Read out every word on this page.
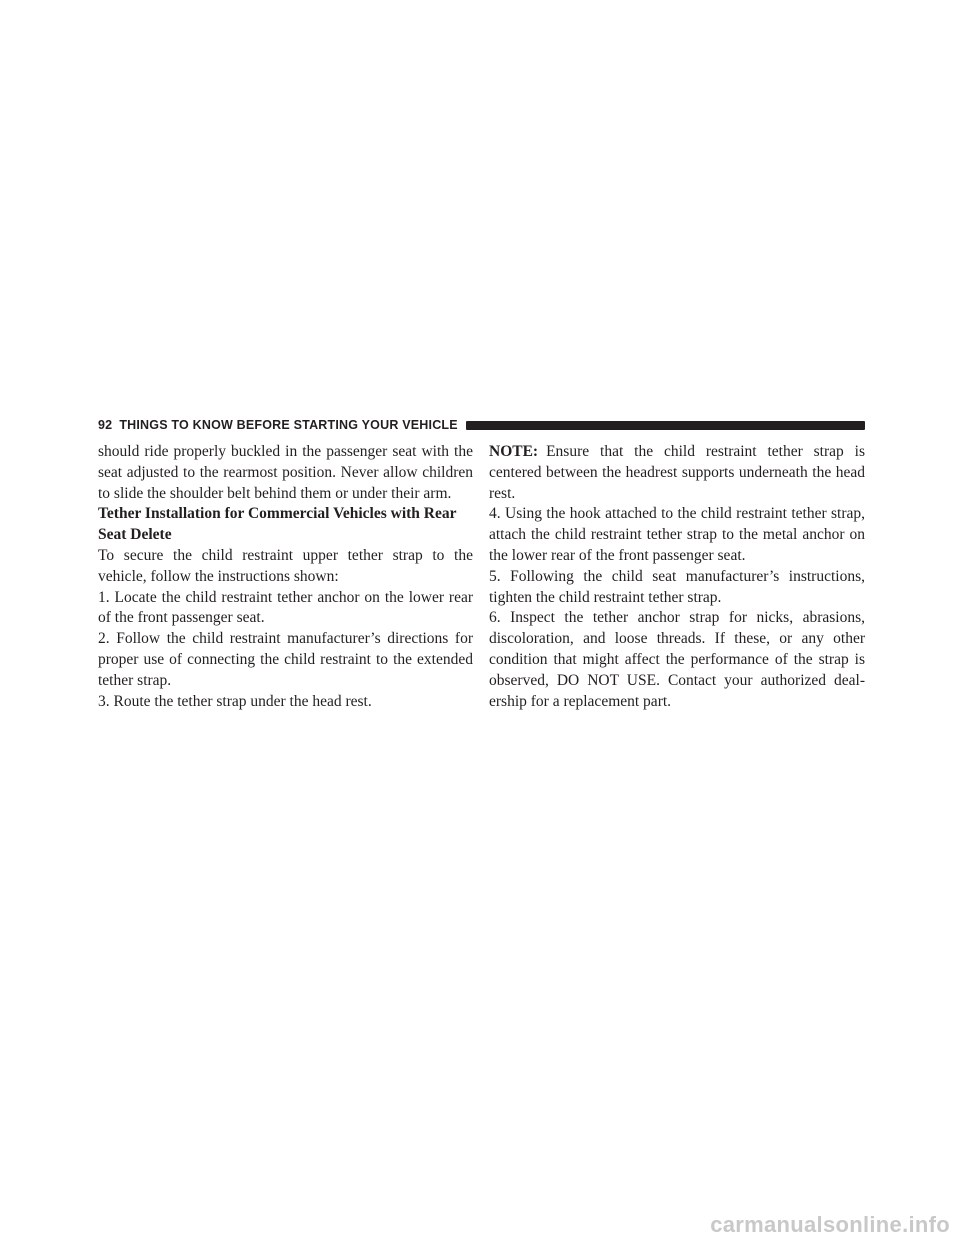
92 THINGS TO KNOW BEFORE STARTING YOUR VEHICLE

should ride properly buckled in the passenger seat with the seat adjusted to the rearmost position. Never allow children to slide the shoulder belt behind them or under their arm.

Tether Installation for Commercial Vehicles with Rear Seat Delete

To secure the child restraint upper tether strap to the vehicle, follow the instructions shown:

1. Locate the child restraint tether anchor on the lower rear of the front passenger seat.

2. Follow the child restraint manufacturer’s directions for proper use of connecting the child restraint to the extended tether strap.

3. Route the tether strap under the head rest.

NOTE: Ensure that the child restraint tether strap is centered between the headrest supports underneath the head rest.

4. Using the hook attached to the child restraint tether strap, attach the child restraint tether strap to the metal anchor on the lower rear of the front passenger seat.

5. Following the child seat manufacturer’s instructions, tighten the child restraint tether strap.

6. Inspect the tether anchor strap for nicks, abrasions, discoloration, and loose threads. If these, or any other condition that might affect the performance of the strap is observed, DO NOT USE. Contact your authorized deal-ership for a replacement part.

carmanualsonline.info
